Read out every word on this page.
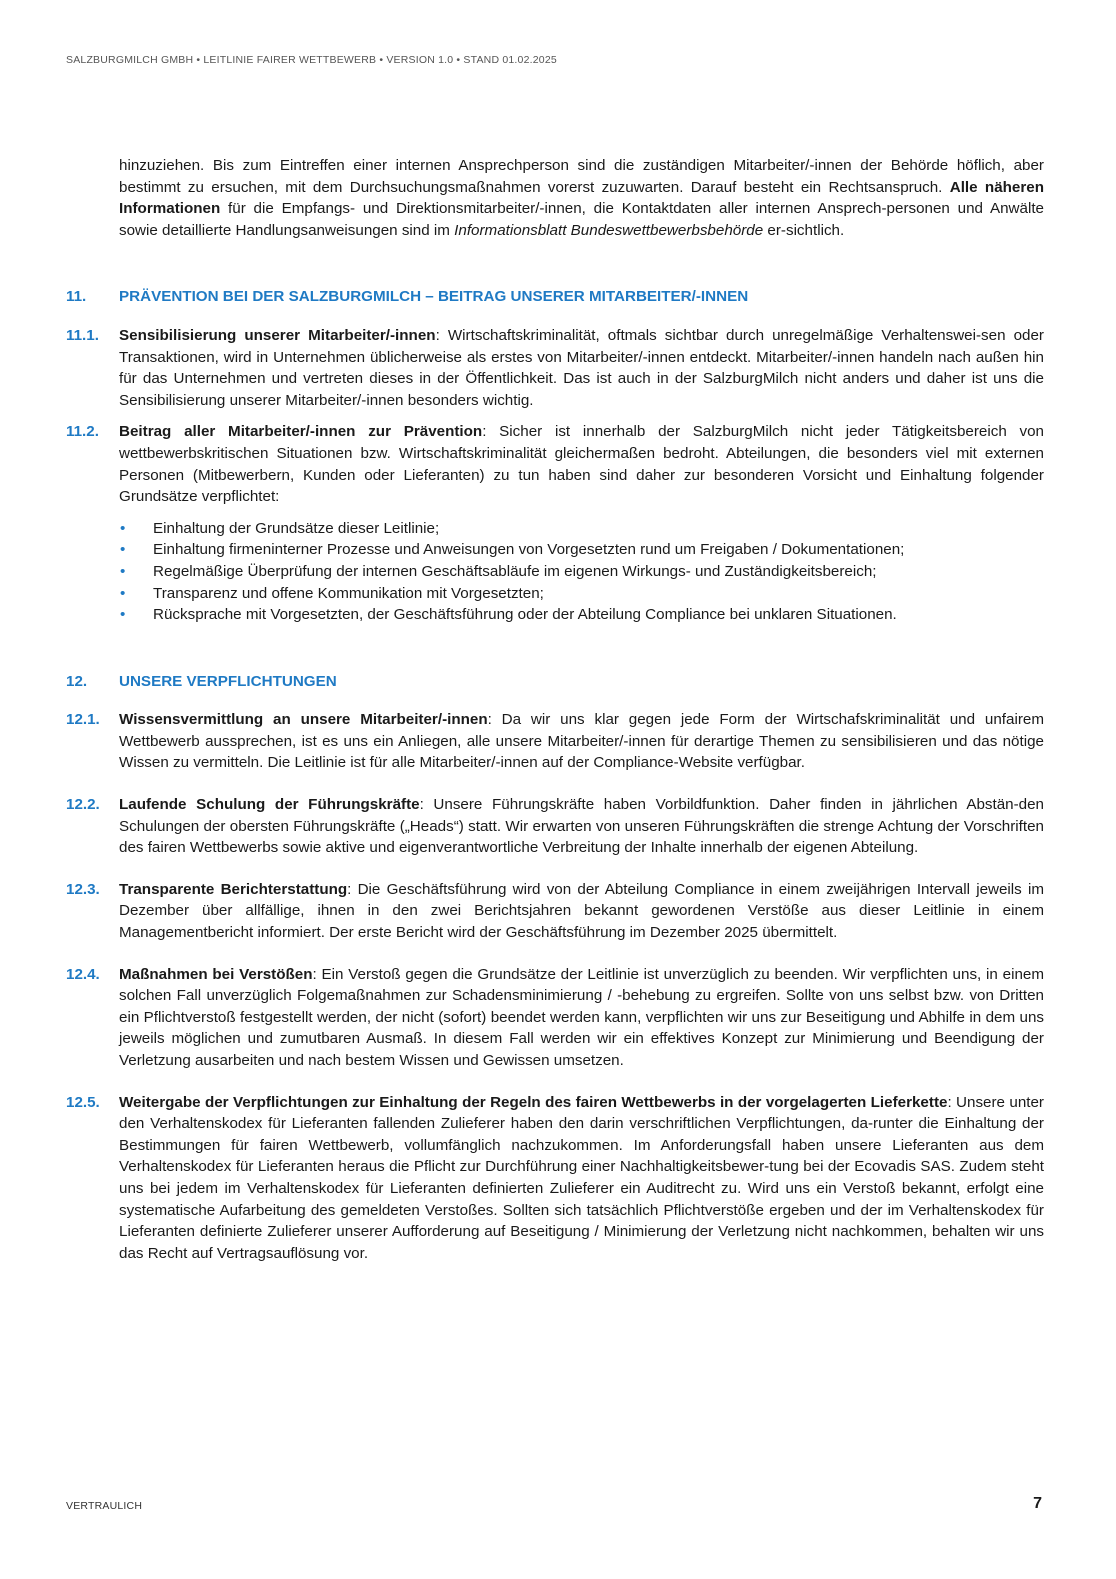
SALZBURGMILCH GMBH • LEITLINIE FAIRER WETTBEWERB • VERSION 1.0 • STAND 01.02.2025

hinzuziehen. Bis zum Eintreffen einer internen Ansprechperson sind die zuständigen Mitarbeiter/-innen der Behörde höflich, aber bestimmt zu ersuchen, mit dem Durchsuchungsmaßnahmen vorerst zuzuwarten. Darauf besteht ein Rechtsanspruch. Alle näheren Informationen für die Empfangs- und Direktionsmitarbeiter/-innen, die Kontaktdaten aller internen Ansprech-personen und Anwälte sowie detaillierte Handlungsanweisungen sind im Informationsblatt Bundeswettbewerbsbehörde er-sichtlich.

11.	PRÄVENTION BEI DER SALZBURGMILCH – BEITRAG UNSERER MITARBEITER/-INNEN
11.1.	Sensibilisierung unserer Mitarbeiter/-innen: Wirtschaftskriminalität, oftmals sichtbar durch unregelmäßige Verhaltenswei-sen oder Transaktionen, wird in Unternehmen üblicherweise als erstes von Mitarbeiter/-innen entdeckt. Mitarbeiter/-innen handeln nach außen hin für das Unternehmen und vertreten dieses in der Öffentlichkeit. Das ist auch in der SalzburgMilch nicht anders und daher ist uns die Sensibilisierung unserer Mitarbeiter/-innen besonders wichtig.
11.2.	Beitrag aller Mitarbeiter/-innen zur Prävention: Sicher ist innerhalb der SalzburgMilch nicht jeder Tätigkeitsbereich von wettbewerbskritischen Situationen bzw. Wirtschaftskriminalität gleichermaßen bedroht. Abteilungen, die besonders viel mit externen Personen (Mitbewerbern, Kunden oder Lieferanten) zu tun haben sind daher zur besonderen Vorsicht und Einhaltung folgender Grundsätze verpflichtet:
•	Einhaltung der Grundsätze dieser Leitlinie;
•	Einhaltung firmeninterner Prozesse und Anweisungen von Vorgesetzten rund um Freigaben / Dokumentationen;
•	Regelmäßige Überprüfung der internen Geschäftsabläufe im eigenen Wirkungs- und Zuständigkeitsbereich;
•	Transparenz und offene Kommunikation mit Vorgesetzten;
•	Rücksprache mit Vorgesetzten, der Geschäftsführung oder der Abteilung Compliance bei unklaren Situationen.
12.	UNSERE VERPFLICHTUNGEN
12.1.	Wissensvermittlung an unsere Mitarbeiter/-innen: Da wir uns klar gegen jede Form der Wirtschafskriminalität und unfairem Wettbewerb aussprechen, ist es uns ein Anliegen, alle unsere Mitarbeiter/-innen für derartige Themen zu sensibilisieren und das nötige Wissen zu vermitteln. Die Leitlinie ist für alle Mitarbeiter/-innen auf der Compliance-Website verfügbar.
12.2.	Laufende Schulung der Führungskräfte: Unsere Führungskräfte haben Vorbildfunktion. Daher finden in jährlichen Abstän-den Schulungen der obersten Führungskräfte („Heads“) statt. Wir erwarten von unseren Führungskräften die strenge Achtung der Vorschriften des fairen Wettbewerbs sowie aktive und eigenverantwortliche Verbreitung der Inhalte innerhalb der eigenen Abteilung.
12.3.	Transparente Berichterstattung: Die Geschäftsführung wird von der Abteilung Compliance in einem zweijährigen Intervall jeweils im Dezember über allfällige, ihnen in den zwei Berichtsjahren bekannt gewordenen Verstöße aus dieser Leitlinie in einem Managementbericht informiert. Der erste Bericht wird der Geschäftsführung im Dezember 2025 übermittelt.
12.4.	Maßnahmen bei Verstößen: Ein Verstoß gegen die Grundsätze der Leitlinie ist unverzüglich zu beenden. Wir verpflichten uns, in einem solchen Fall unverzüglich Folgemaßnahmen zur Schadensminimierung / -behebung zu ergreifen. Sollte von uns selbst bzw. von Dritten ein Pflichtverstoß festgestellt werden, der nicht (sofort) beendet werden kann, verpflichten wir uns zur Beseitigung und Abhilfe in dem uns jeweils möglichen und zumutbaren Ausmaß. In diesem Fall werden wir ein effektives Konzept zur Minimierung und Beendigung der Verletzung ausarbeiten und nach bestem Wissen und Gewissen umsetzen.
12.5.	Weitergabe der Verpflichtungen zur Einhaltung der Regeln des fairen Wettbewerbs in der vorgelagerten Lieferkette: Unsere unter den Verhaltenskodex für Lieferanten fallenden Zulieferer haben den darin verschriftlichen Verpflichtungen, da-runter die Einhaltung der Bestimmungen für fairen Wettbewerb, vollumfänglich nachzukommen. Im Anforderungsfall haben unsere Lieferanten aus dem Verhaltenskodex für Lieferanten heraus die Pflicht zur Durchführung einer Nachhaltigkeitsbewer-tung bei der Ecovadis SAS. Zudem steht uns bei jedem im Verhaltenskodex für Lieferanten definierten Zulieferer ein Auditrecht zu. Wird uns ein Verstoß bekannt, erfolgt eine systematische Aufarbeitung des gemeldeten Verstoßes. Sollten sich tatsächlich Pflichtverstöße ergeben und der im Verhaltenskodex für Lieferanten definierte Zulieferer unserer Aufforderung auf Beseitigung / Minimierung der Verletzung nicht nachkommen, behalten wir uns das Recht auf Vertragsauflösung vor.
VERTRAULICH	7
